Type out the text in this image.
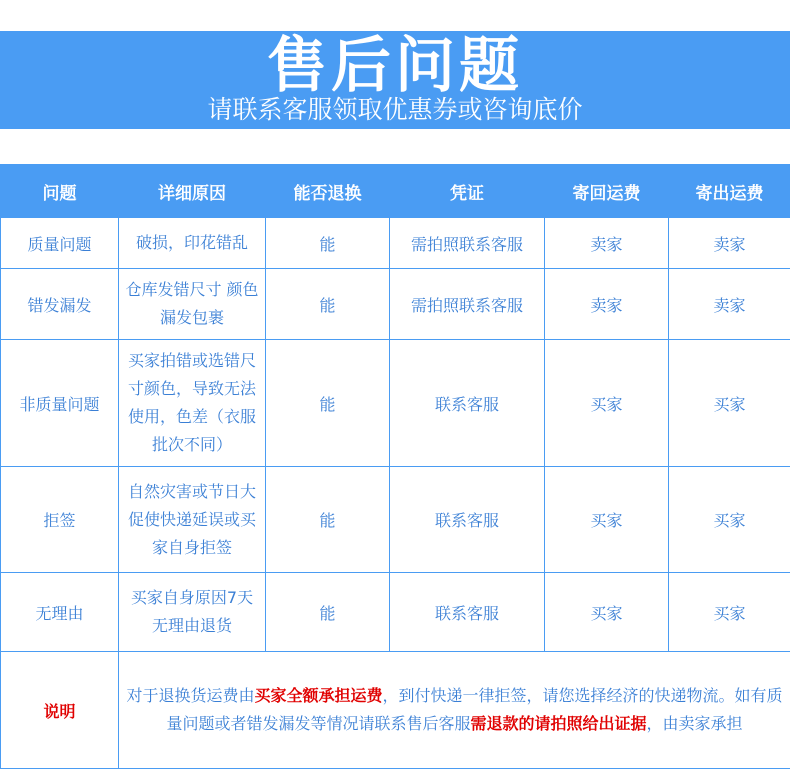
售后问题
请联系客服领取优惠券或咨询底价
问题	详细原因	能否退换	凭证	寄回运费	寄出运费
质量问题	破损，印花错乱	能	需拍照联系客服	卖家	卖家
错发漏发	仓库发错尺寸 颜色漏发包裹	能	需拍照联系客服	卖家	卖家
非质量问题	买家拍错或选错尺寸颜色，导致无法使用，色差（衣服批次不同）	能	联系客服	买家	买家
拒签	自然灾害或节日大促使快递延误或买家自身拒签	能	联系客服	买家	买家
无理由	买家自身原因7天无理由退货	能	联系客服	买家	买家
说明	对于退换货运费由买家全额承担运费，到付快递一律拒签，请您选择经济的快递物流。如有质量问题或者错发漏发等情况请联系售后客服需退款的请拍照给出证据，由卖家承担				
